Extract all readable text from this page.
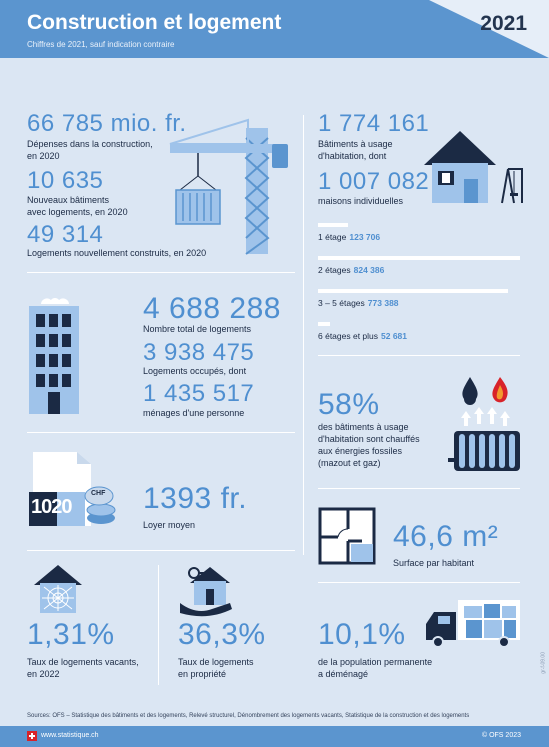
Construction et logement
Chiffres de 2021, sauf indication contraire
2021
66 785 mio. fr.
Dépenses dans la construction,
en 2020
10 635
Nouveaux bâtiments
avec logements, en 2020
49 314
Logements nouvellement construits, en 2020
1 774 161
Bâtiments à usage
d'habitation, dont
1 007 082
maisons individuelles
1 étage 123 706
2 étages 824 386
3 – 5 étages 773 388
6 étages et plus 52 681
4 688 288
Nombre total de logements
3 938 475
Logements occupés, dont
1 435 517
ménages d'une personne 58%
des bâtiments à usage
d'habitation sont chauffés
aux énergies fossiles
(mazout et gaz)
1020
CHF 1393 fr.
Loyer moyen	46,6 m²
Surface par habitant
1,31%
Taux de logements vacants,
en 2022
36,3%
Taux de logements
en propriété
10,1%
de la population permanente
a déménagé
gr-f-09.00
Sources: OFS – Statistique des bâtiments et des logements, Relevé structurel, Dénombrement des logements vacants, Statistique de la construction et des logements
www.statistique.ch	© OFS 2023
